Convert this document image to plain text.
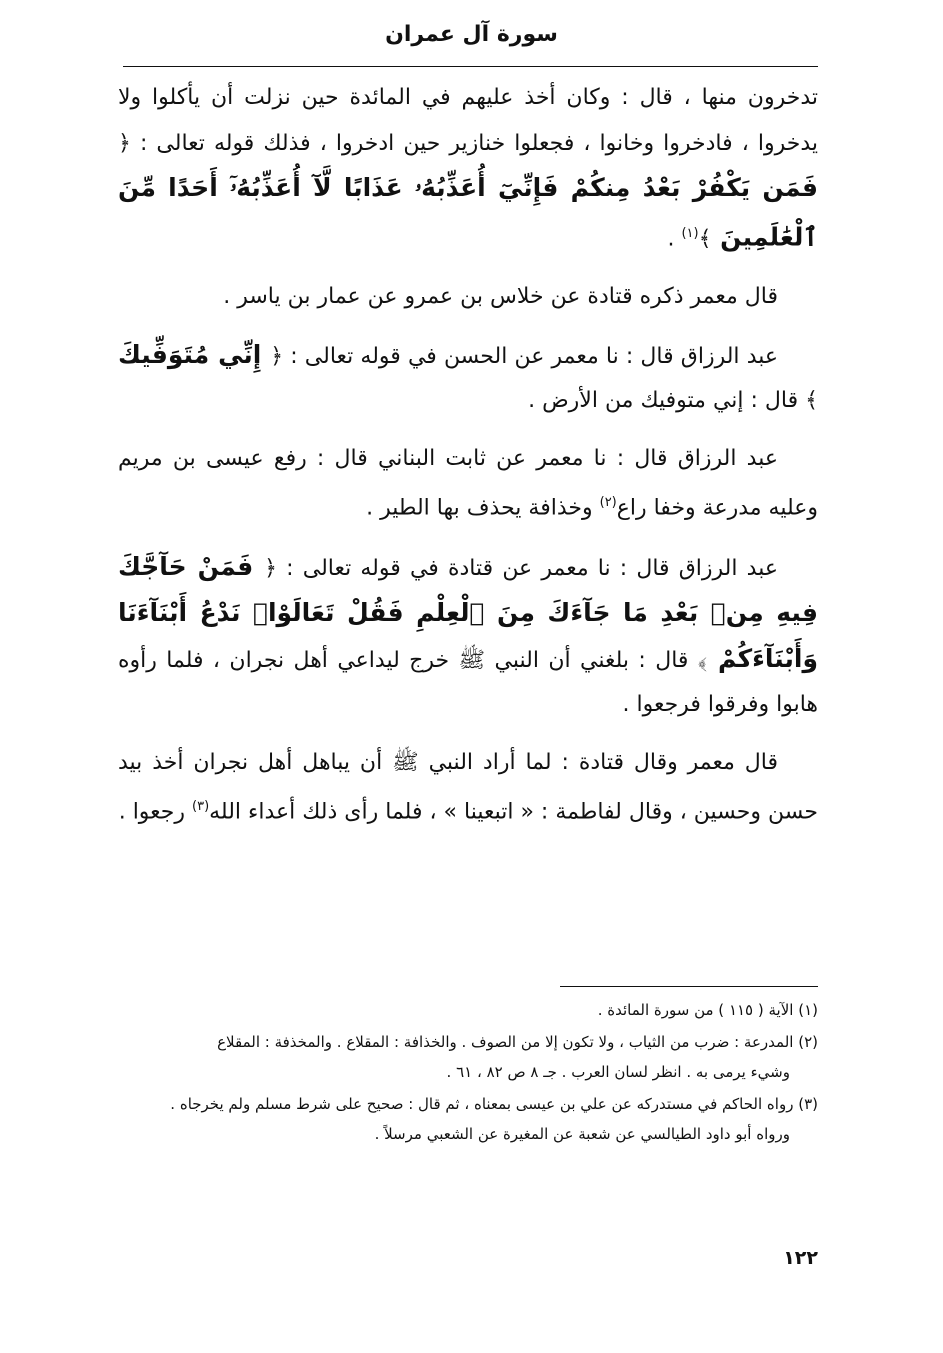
سورة آل عمران

تدخرون منها ، قال : وكان أخذ عليهم في المائدة حين نزلت أن يأكلوا ولا يدخروا ، فادخروا وخانوا ، فجعلوا خنازير حين ادخروا ، فذلك قوله تعالى : ﴿ فَمَن يَكْفُرْ بَعْدُ مِنكُمْ فَإِنِّيٓ أُعَذِّبُهُۥ عَذَابًا لَّآ أُعَذِّبُهُۥٓ أَحَدًا مِّنَ ٱلْعَٰلَمِينَ ﴾$^{(١)}$ .

قال معمر ذكره قتادة عن خلاس بن عمرو عن عمار بن ياسر .

عبد الرزاق قال : نا معمر عن الحسن في قوله تعالى : ﴿ إِنِّي مُتَوَفِّيكَ ﴾ قال : إني متوفيك من الأرض .

عبد الرزاق قال : نا معمر عن ثابت البناني قال : رفع عيسى بن مريم وعليه مدرعة وخفا راع$^{(٢)}$ وخذافة يحذف بها الطير .

عبد الرزاق قال : نا معمر عن قتادة في قوله تعالى : ﴿ فَمَنْ حَآجَّكَ فِيهِ مِنۢ بَعْدِ مَا جَآءَكَ مِنَ ٱلْعِلْمِ فَقُلْ تَعَالَوْا۟ نَدْعُ أَبْنَآءَنَا وَأَبْنَآءَكُمْ ﴾ قال : بلغني أن النبي ﷺ خرج ليداعي أهل نجران ، فلما رأوه هابوا وفرقوا فرجعوا .

قال معمر وقال قتادة : لما أراد النبي ﷺ أن يباهل أهل نجران أخذ بيد حسن وحسين ، وقال لفاطمة : « اتبعينا » ، فلما رأى ذلك أعداء الله$^{(٣)}$ رجعوا .

(١) الآية ( ١١٥ ) من سورة المائدة .
(٢) المدرعة : ضرب من الثياب ، ولا تكون إلا من الصوف . والخذافة : المقلاع . والمخذفة : المقلاع
وشيء يرمى به . انظر لسان العرب . جـ ٨ ص ٨٢ ، ٦١ .
(٣) رواه الحاكم في مستدركه عن علي بن عيسى بمعناه ، ثم قال : صحيح على شرط مسلم ولم يخرجاه .
ورواه أبو داود الطيالسي عن شعبة عن المغيرة عن الشعبي مرسلاً .
١٢٢
